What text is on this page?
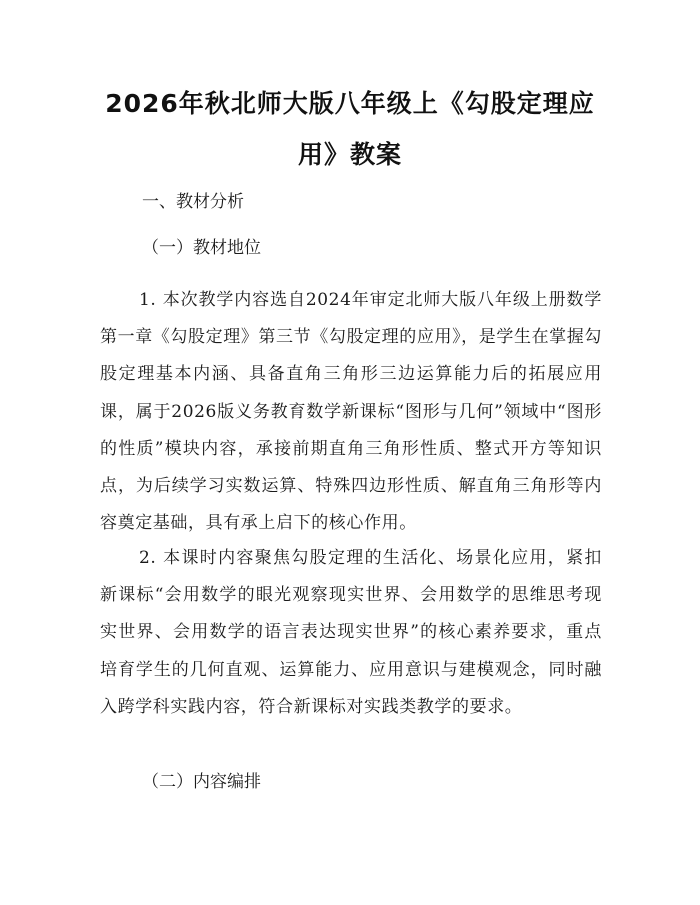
2026年秋北师大版八年级上《勾股定理应用》教案

一、教材分析

（一）教材地位

1. 本次教学内容选自2024年审定北师大版八年级上册数学第一章《勾股定理》第三节《勾股定理的应用》，是学生在掌握勾股定理基本内涵、具备直角三角形三边运算能力后的拓展应用课，属于2026版义务教育数学新课标“图形与几何”领域中“图形的性质”模块内容，承接前期直角三角形性质、整式开方等知识点，为后续学习实数运算、特殊四边形性质、解直角三角形等内容奠定基础，具有承上启下的核心作用。

2. 本课时内容聚焦勾股定理的生活化、场景化应用，紧扣新课标“会用数学的眼光观察现实世界、会用数学的思维思考现实世界、会用数学的语言表达现实世界”的核心素养要求，重点培育学生的几何直观、运算能力、应用意识与建模观念，同时融入跨学科实践内容，符合新课标对实践类教学的要求。

（二）内容编排
